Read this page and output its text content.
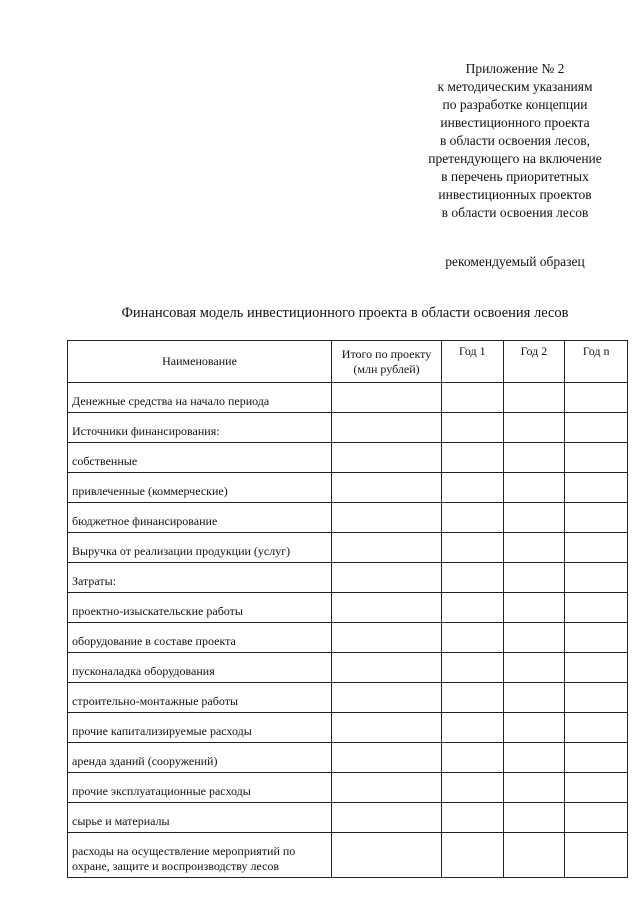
Приложение № 2
к методическим указаниям
по разработке концепции
инвестиционного проекта
в области освоения лесов,
претендующего на включение
в перечень приоритетных
инвестиционных проектов
в области освоения лесов
рекомендуемый образец
Финансовая модель инвестиционного проекта в области освоения лесов
Наименование	Итого по проекту (млн рублей)	Год 1	Год 2	Год n
Денежные средства на начало периода				
Источники финансирования:				
собственные				
привлеченные (коммерческие)				
бюджетное финансирование				
Выручка от реализации продукции (услуг)				
Затраты:				
проектно-изыскательские работы				
оборудование в составе проекта				
пусконаладка оборудования				
строительно-монтажные работы				
прочие капитализируемые расходы				
аренда зданий (сооружений)				
прочие эксплуатационные расходы				
сырье и материалы				
расходы на осуществление мероприятий по охране, защите и воспроизводству лесов				
